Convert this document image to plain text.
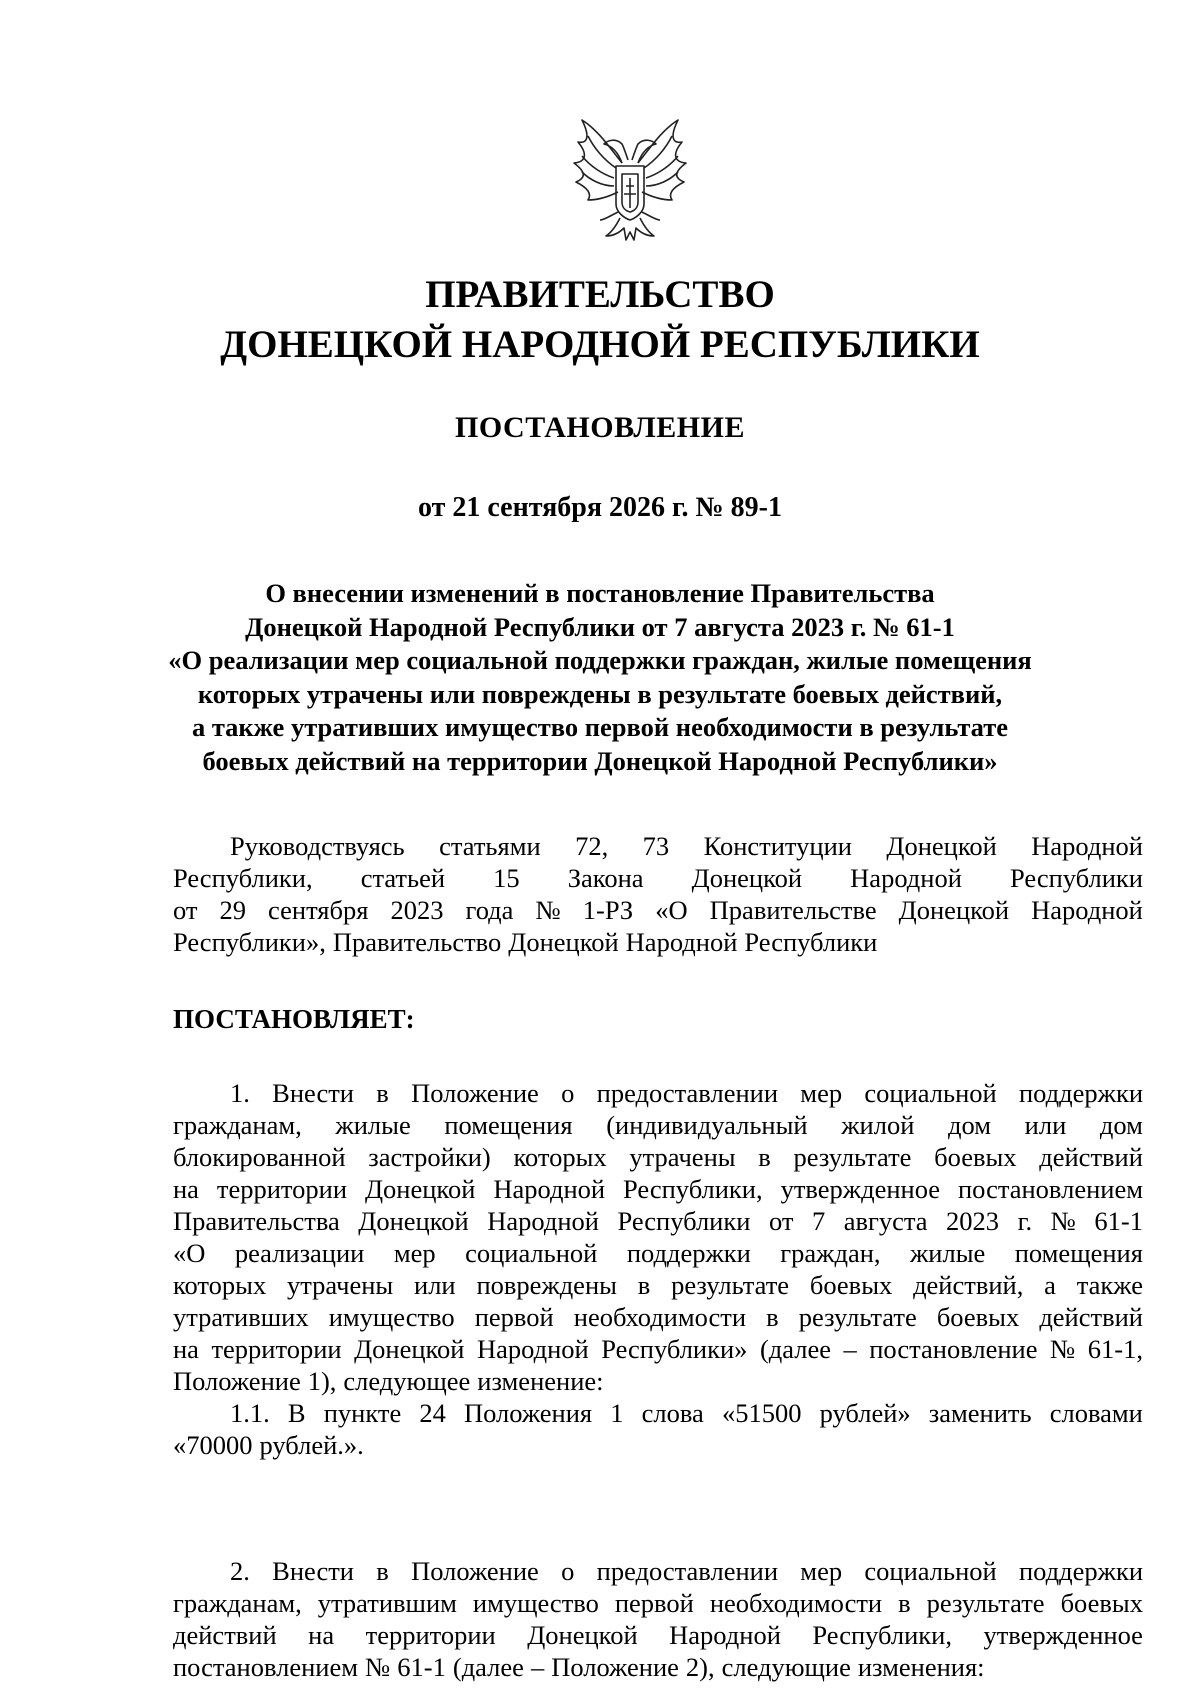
ПРАВИТЕЛЬСТВО
ДОНЕЦКОЙ НАРОДНОЙ РЕСПУБЛИКИ
ПОСТАНОВЛЕНИЕ
от 21 сентября 2026 г. № 89-1
О внесении изменений в постановление Правительства
Донецкой Народной Республики от 7 августа 2023 г. № 61-1
«О реализации мер социальной поддержки граждан, жилые помещения
которых утрачены или повреждены в результате боевых действий,
а также утративших имущество первой необходимости в результате
боевых действий на территории Донецкой Народной Республики»
Руководствуясь статьями 72, 73 Конституции Донецкой Народной
Республики, статьей 15 Закона Донецкой Народной Республики
от 29 сентября 2023 года № 1-РЗ «О Правительстве Донецкой Народной
Республики», Правительство Донецкой Народной Республики
ПОСТАНОВЛЯЕТ:
1. Внести в Положение о предоставлении мер социальной поддержки
гражданам, жилые помещения (индивидуальный жилой дом или дом
блокированной застройки) которых утрачены в результате боевых действий
на территории Донецкой Народной Республики, утвержденное постановлением
Правительства Донецкой Народной Республики от 7 августа 2023 г. № 61-1
«О реализации мер социальной поддержки граждан, жилые помещения
которых утрачены или повреждены в результате боевых действий, а также
утративших имущество первой необходимости в результате боевых действий
на территории Донецкой Народной Республики» (далее – постановление № 61-1,
Положение 1), следующее изменение:
1.1. В пункте 24 Положения 1 слова «51500 рублей» заменить словами
«70000 рублей.».
2. Внести в Положение о предоставлении мер социальной поддержки
гражданам, утратившим имущество первой необходимости в результате боевых
действий на территории Донецкой Народной Республики, утвержденное
постановлением № 61-1 (далее – Положение 2), следующие изменения:
